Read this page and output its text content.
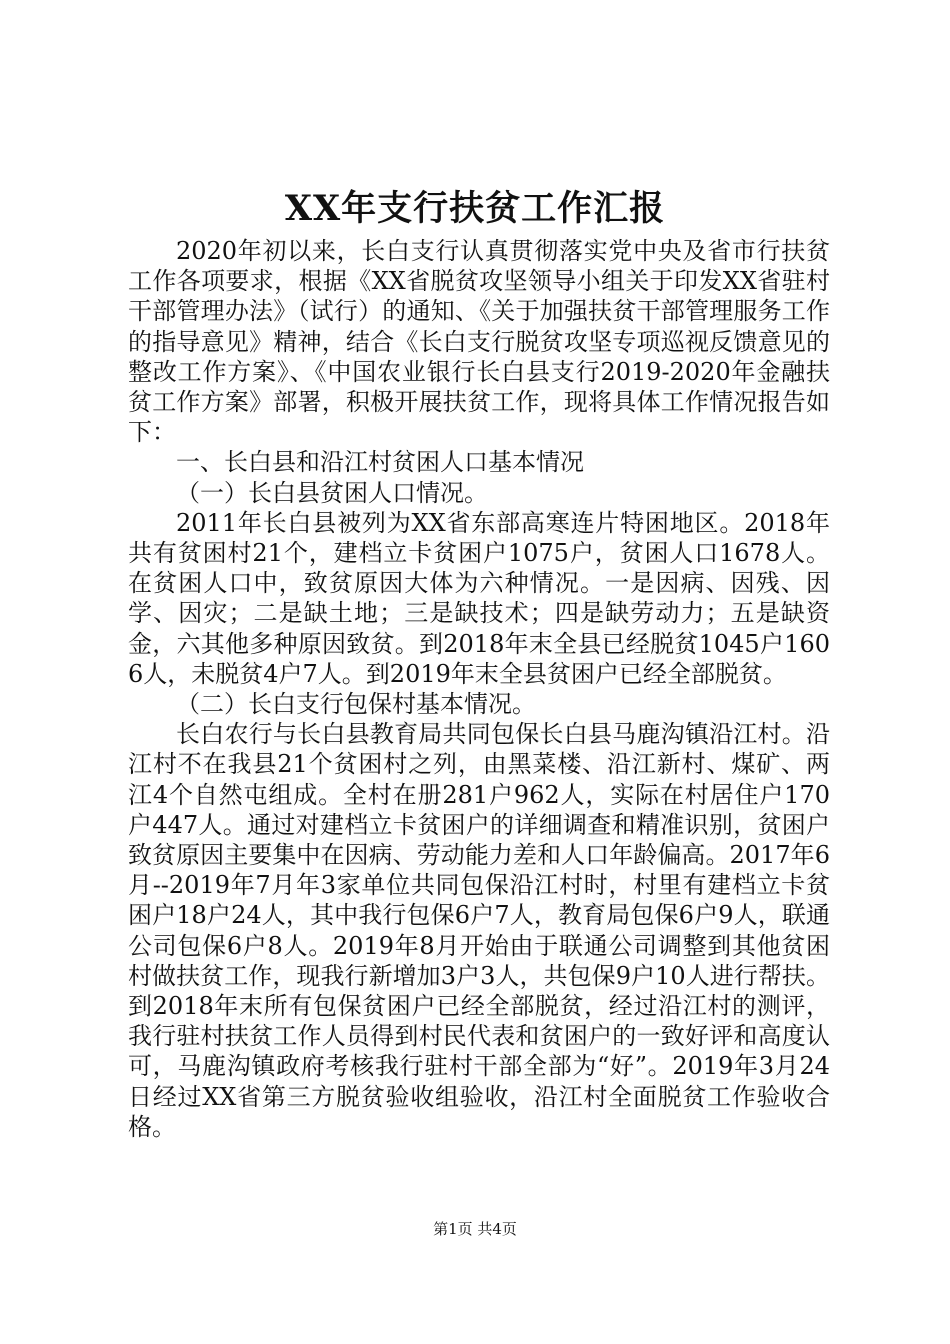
XX年支行扶贫工作汇报

2020年初以来，长白支行认真贯彻落实党中央及省市行扶贫工作各项要求，根据《XX省脱贫攻坚领导小组关于印发XX省驻村干部管理办法》（试行）的通知、《关于加强扶贫干部管理服务工作的指导意见》精神，结合《长白支行脱贫攻坚专项巡视反馈意见的整改工作方案》、《中国农业银行长白县支行2019-2020年金融扶贫工作方案》部署，积极开展扶贫工作，现将具体工作情况报告如下：

一、长白县和沿江村贫困人口基本情况

（一）长白县贫困人口情况。

2011年长白县被列为XX省东部高寒连片特困地区。2018年共有贫困村21个，建档立卡贫困户1075户，贫困人口1678人。在贫困人口中，致贫原因大体为六种情况。一是因病、因残、因学、因灾；二是缺土地；三是缺技术；四是缺劳动力；五是缺资金，六其他多种原因致贫。到2018年末全县已经脱贫1045户1606人，未脱贫4户7人。到2019年末全县贫困户已经全部脱贫。

（二）长白支行包保村基本情况。

长白农行与长白县教育局共同包保长白县马鹿沟镇沿江村。沿江村不在我县21个贫困村之列，由黑菜楼、沿江新村、煤矿、两江4个自然屯组成。全村在册281户962人，实际在村居住户170户447人。通过对建档立卡贫困户的详细调查和精准识别，贫困户致贫原因主要集中在因病、劳动能力差和人口年龄偏高。2017年6月--2019年7月年3家单位共同包保沿江村时，村里有建档立卡贫困户18户24人，其中我行包保6户7人，教育局包保6户9人，联通公司包保6户8人。2019年8月开始由于联通公司调整到其他贫困村做扶贫工作，现我行新增加3户3人，共包保9户10人进行帮扶。到2018年末所有包保贫困户已经全部脱贫，经过沿江村的测评，我行驻村扶贫工作人员得到村民代表和贫困户的一致好评和高度认可，马鹿沟镇政府考核我行驻村干部全部为“好”。2019年3月24日经过XX省第三方脱贫验收组验收，沿江村全面脱贫工作验收合格。

第1页 共4页
